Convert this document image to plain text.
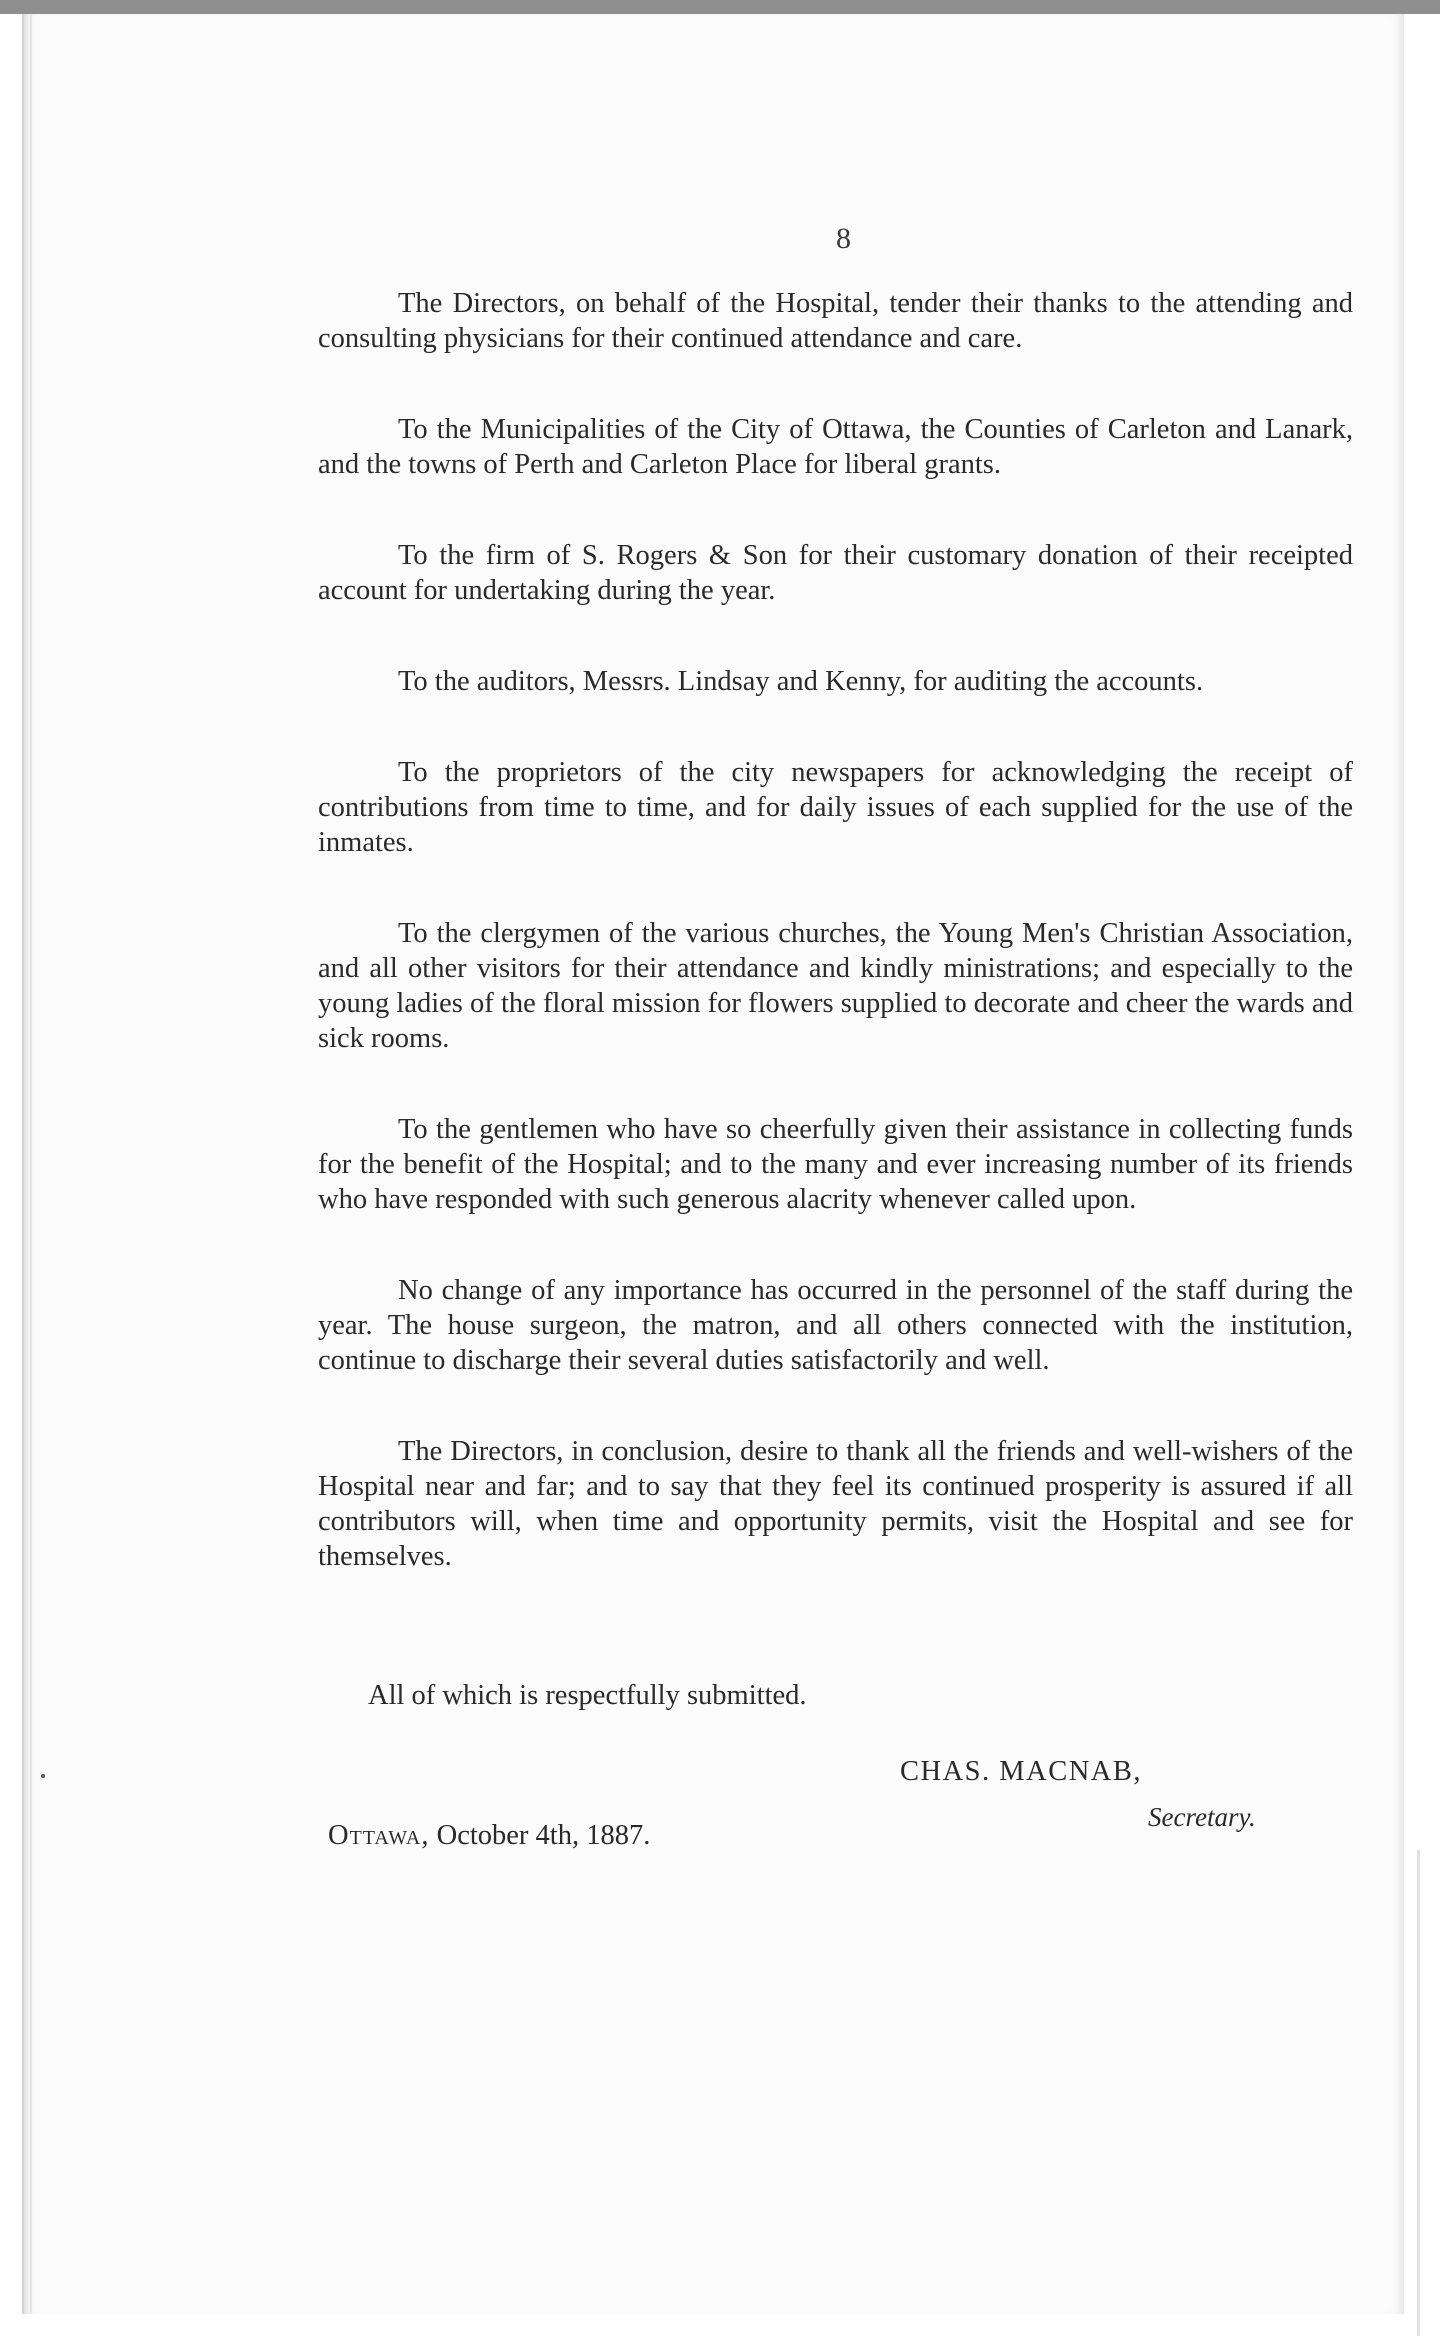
8

The Directors, on behalf of the Hospital, tender their thanks to the attending and consulting physicians for their continued attendance and care.

To the Municipalities of the City of Ottawa, the Counties of Carleton and Lanark, and the towns of Perth and Carleton Place for liberal grants.

To the firm of S. Rogers & Son for their customary donation of their receipted account for undertaking during the year.

To the auditors, Messrs. Lindsay and Kenny, for auditing the accounts.

To the proprietors of the city newspapers for acknowledging the receipt of contributions from time to time, and for daily issues of each supplied for the use of the inmates.

To the clergymen of the various churches, the Young Men's Christian Association, and all other visitors for their attendance and kindly ministrations; and especially to the young ladies of the floral mission for flowers supplied to decorate and cheer the wards and sick rooms.

To the gentlemen who have so cheerfully given their assistance in collecting funds for the benefit of the Hospital; and to the many and ever increasing number of its friends who have responded with such generous alacrity whenever called upon.

No change of any importance has occurred in the personnel of the staff during the year. The house surgeon, the matron, and all others connected with the institution, continue to discharge their several duties satisfactorily and well.

The Directors, in conclusion, desire to thank all the friends and well-wishers of the Hospital near and far; and to say that they feel its continued prosperity is assured if all contributors will, when time and opportunity permits, visit the Hospital and see for themselves.

All of which is respectfully submitted.
CHAS. MACNAB,
Secretary.
Ottawa, October 4th, 1887.
